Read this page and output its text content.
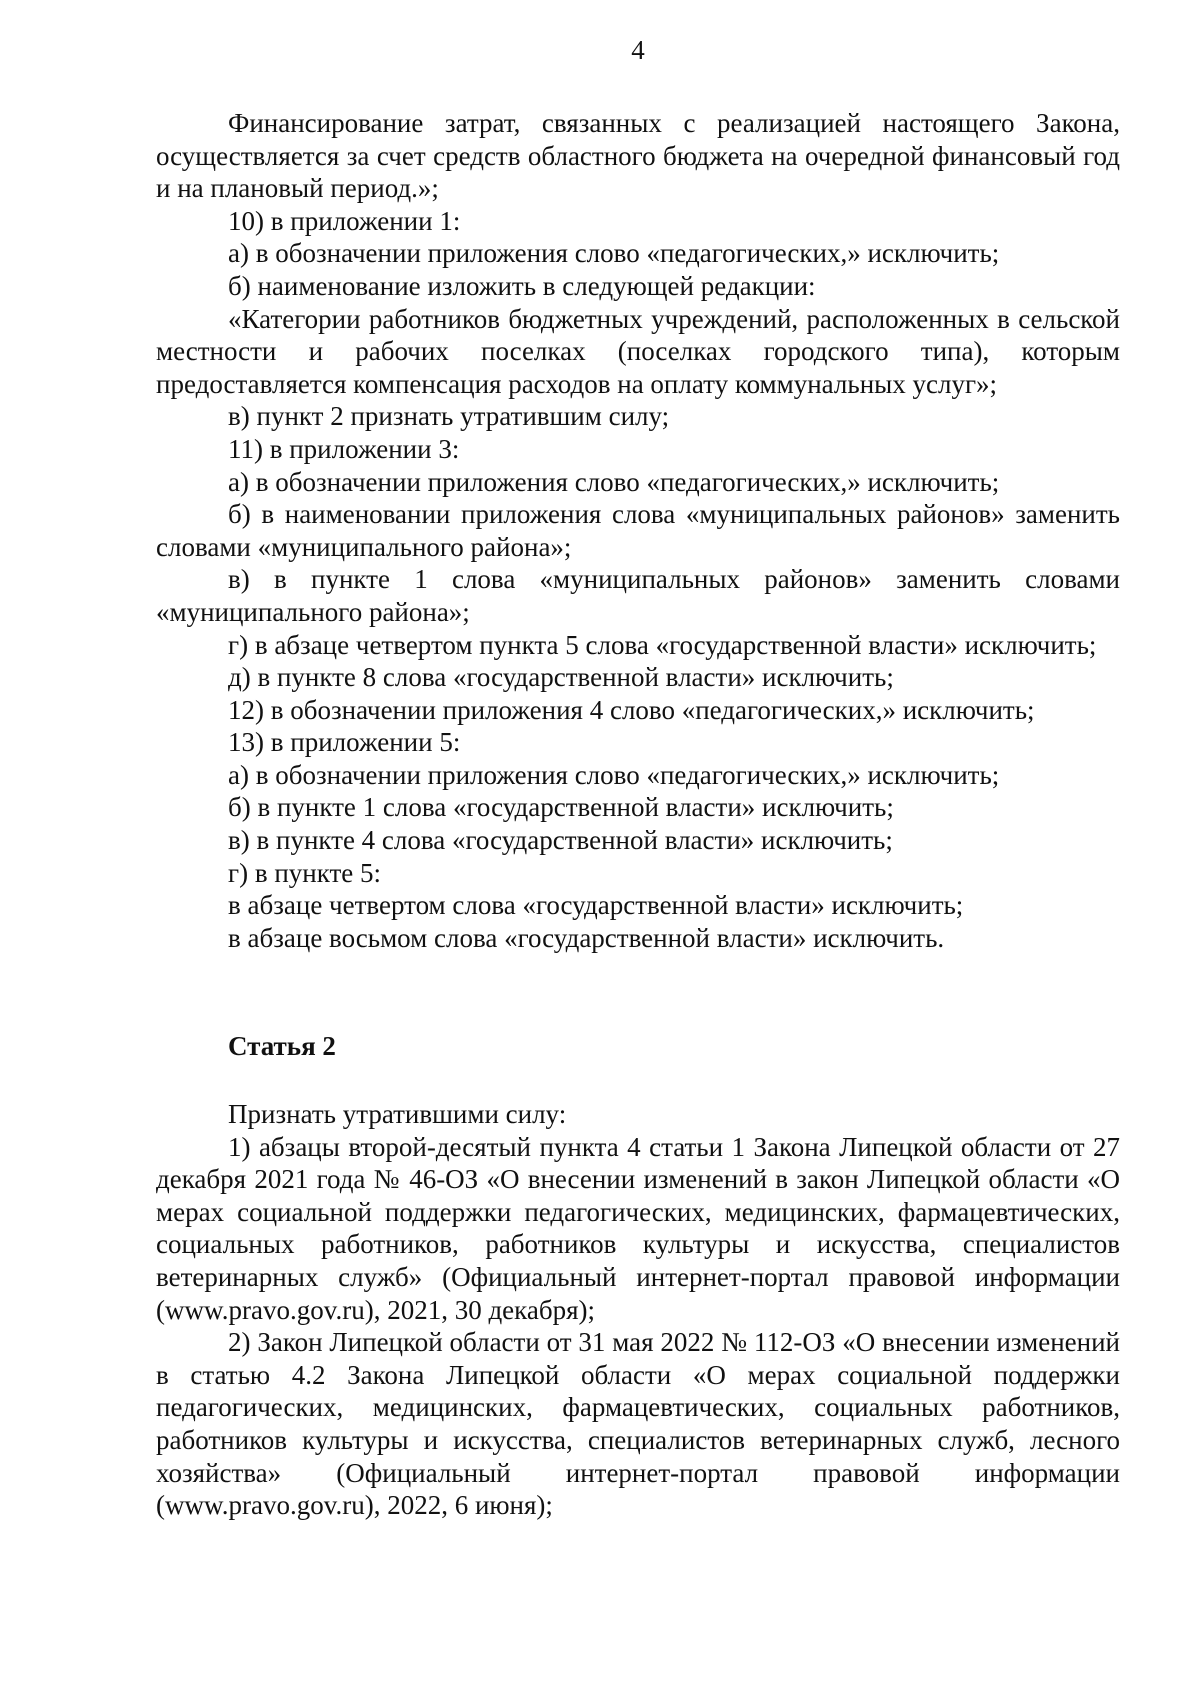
4

Финансирование затрат, связанных с реализацией настоящего Закона, осуществляется за счет средств областного бюджета на очередной финансовый год и на плановый период.»;

10) в приложении 1:

а) в обозначении приложения слово «педагогических,» исключить;

б) наименование изложить в следующей редакции:

«Категории работников бюджетных учреждений, расположенных в сельской местности и рабочих поселках (поселках городского типа), которым предоставляется компенсация расходов на оплату коммунальных услуг»;

в) пункт 2 признать утратившим силу;

11) в приложении 3:

а) в обозначении приложения слово «педагогических,» исключить;

б) в наименовании приложения слова «муниципальных районов» заменить словами «муниципального района»;

в) в пункте 1 слова «муниципальных районов» заменить словами «муниципального района»;

г) в абзаце четвертом пункта 5 слова «государственной власти» исключить;

д) в пункте 8 слова «государственной власти» исключить;

12) в обозначении приложения 4 слово «педагогических,» исключить;

13) в приложении 5:

а) в обозначении приложения слово «педагогических,» исключить;

б) в пункте 1 слова «государственной власти» исключить;

в) в пункте 4 слова «государственной власти» исключить;

г) в пункте 5:

в абзаце четвертом слова «государственной власти» исключить;

в абзаце восьмом слова «государственной власти» исключить.

Статья 2

Признать утратившими силу:

1) абзацы второй-десятый пункта 4 статьи 1 Закона Липецкой области от 27 декабря 2021 года № 46-ОЗ «О внесении изменений в закон Липецкой области «О мерах социальной поддержки педагогических, медицинских, фармацевтических, социальных работников, работников культуры и искусства, специалистов ветеринарных служб» (Официальный интернет-портал правовой информации (www.pravo.gov.ru), 2021, 30 декабря);

2) Закон Липецкой области от 31 мая 2022 № 112-ОЗ «О внесении изменений в статью 4.2 Закона Липецкой области «О мерах социальной поддержки педагогических, медицинских, фармацевтических, социальных работников, работников культуры и искусства, специалистов ветеринарных служб, лесного хозяйства» (Официальный интернет-портал правовой информации (www.pravo.gov.ru), 2022, 6 июня);
